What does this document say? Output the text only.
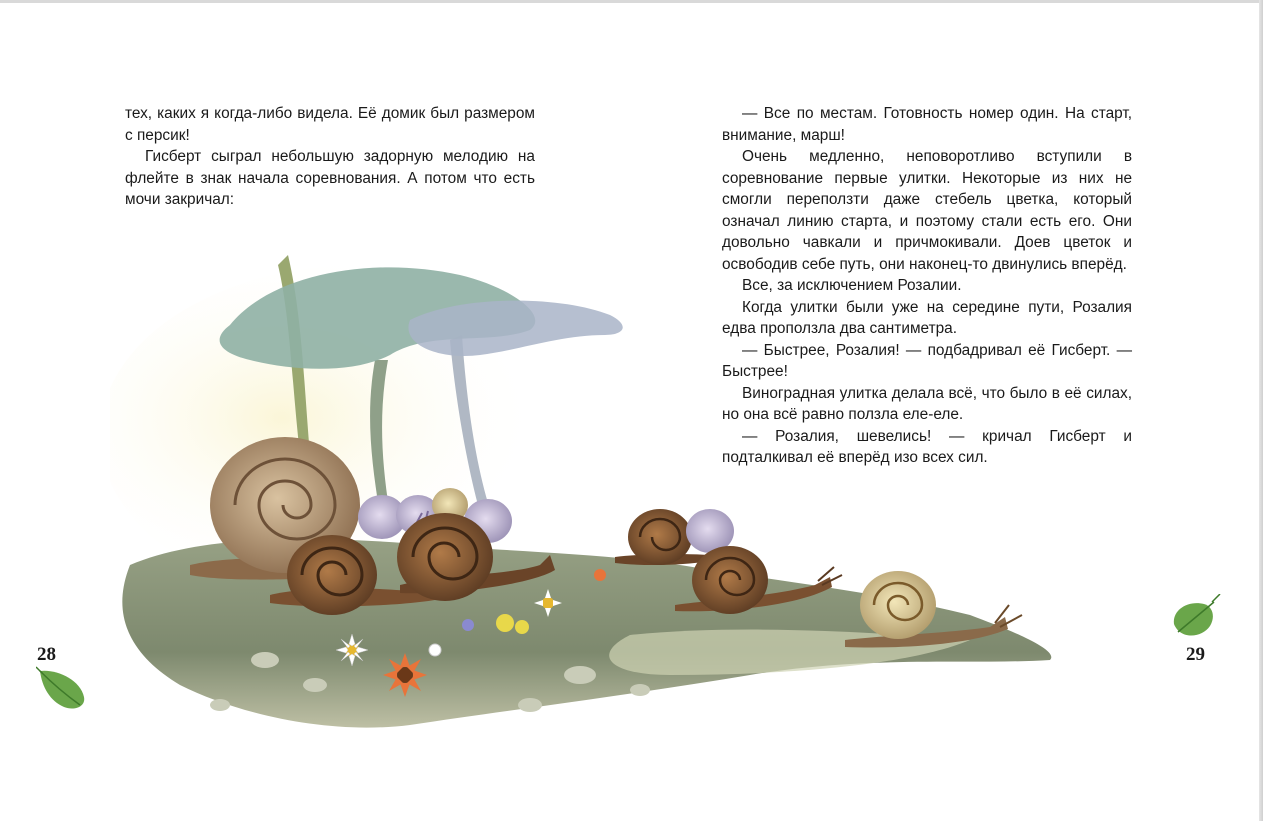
тех, каких я когда-либо видела. Её домик был размером с персик!

Гисберт сыграл небольшую задорную мелодию на флейте в знак начала соревнования. А потом что есть мочи закричал:

— Все по местам. Готовность номер один. На старт, внимание, марш!

Очень медленно, неповоротливо вступили в соревнование первые улитки. Некоторые из них не смогли переползти даже стебель цветка, который означал линию старта, и поэтому стали есть его. Они довольно чавкали и причмокивали. Доев цветок и освободив себе путь, они наконец-то двинулись вперёд.

Все, за исключением Розалии.

Когда улитки были уже на середине пути, Розалия едва проползла два сантиметра.

— Быстрее, Розалия! — подбадривал её Гисберт. — Быстрее!

Виноградная улитка делала всё, что было в её силах, но она всё равно ползла еле-еле.

— Розалия, шевелись! — кричал Гисберт и подталкивал её вперёд изо всех сил.

28	29
